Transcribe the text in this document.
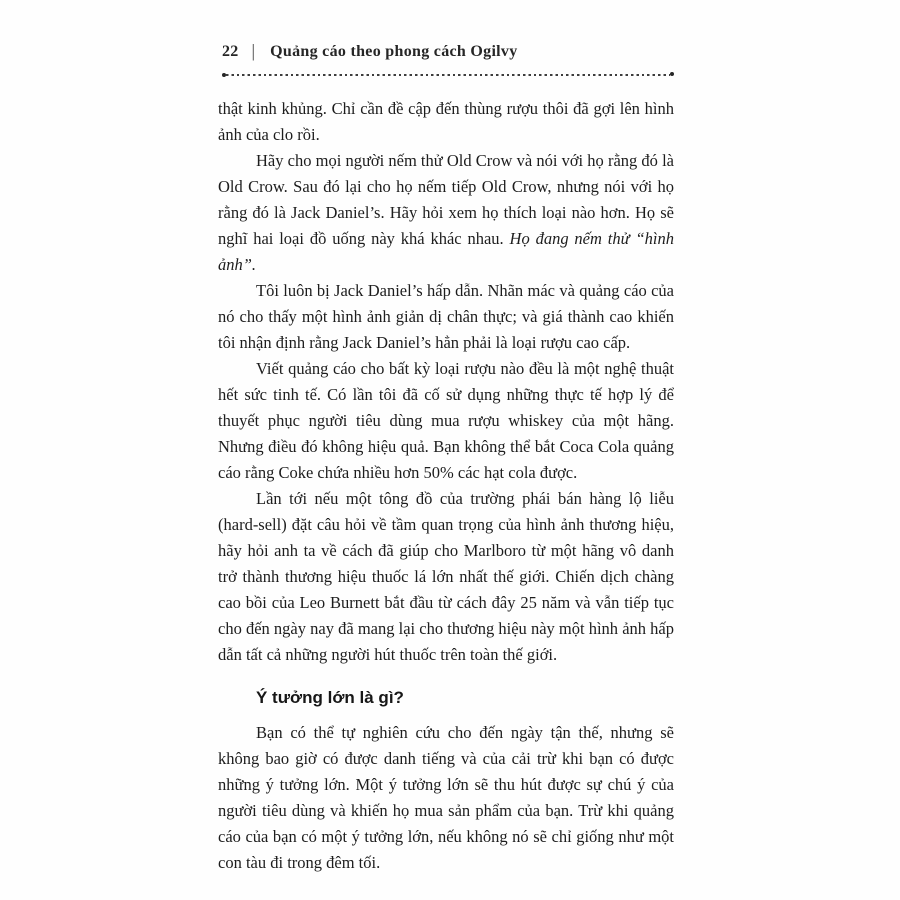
22 | Quảng cáo theo phong cách Ogilvy

thật kinh khủng. Chỉ cần đề cập đến thùng rượu thôi đã gợi lên hình ảnh của clo rồi.

Hãy cho mọi người nếm thử Old Crow và nói với họ rằng đó là Old Crow. Sau đó lại cho họ nếm tiếp Old Crow, nhưng nói với họ rằng đó là Jack Daniel’s. Hãy hỏi xem họ thích loại nào hơn. Họ sẽ nghĩ hai loại đồ uống này khá khác nhau. Họ đang nếm thử “hình ảnh”.

Tôi luôn bị Jack Daniel’s hấp dẫn. Nhãn mác và quảng cáo của nó cho thấy một hình ảnh giản dị chân thực; và giá thành cao khiến tôi nhận định rằng Jack Daniel’s hẳn phải là loại rượu cao cấp.

Viết quảng cáo cho bất kỳ loại rượu nào đều là một nghệ thuật hết sức tinh tế. Có lần tôi đã cố sử dụng những thực tế hợp lý để thuyết phục người tiêu dùng mua rượu whiskey của một hãng. Nhưng điều đó không hiệu quả. Bạn không thể bắt Coca Cola quảng cáo rằng Coke chứa nhiều hơn 50% các hạt cola được.

Lần tới nếu một tông đồ của trường phái bán hàng lộ liễu (hard-sell) đặt câu hỏi về tầm quan trọng của hình ảnh thương hiệu, hãy hỏi anh ta về cách đã giúp cho Marlboro từ một hãng vô danh trở thành thương hiệu thuốc lá lớn nhất thế giới. Chiến dịch chàng cao bồi của Leo Burnett bắt đầu từ cách đây 25 năm và vẫn tiếp tục cho đến ngày nay đã mang lại cho thương hiệu này một hình ảnh hấp dẫn tất cả những người hút thuốc trên toàn thế giới.

Ý tưởng lớn là gì?

Bạn có thể tự nghiên cứu cho đến ngày tận thế, nhưng sẽ không bao giờ có được danh tiếng và của cải trừ khi bạn có được những ý tưởng lớn. Một ý tưởng lớn sẽ thu hút được sự chú ý của người tiêu dùng và khiến họ mua sản phẩm của bạn. Trừ khi quảng cáo của bạn có một ý tưởng lớn, nếu không nó sẽ chỉ giống như một con tàu đi trong đêm tối.
